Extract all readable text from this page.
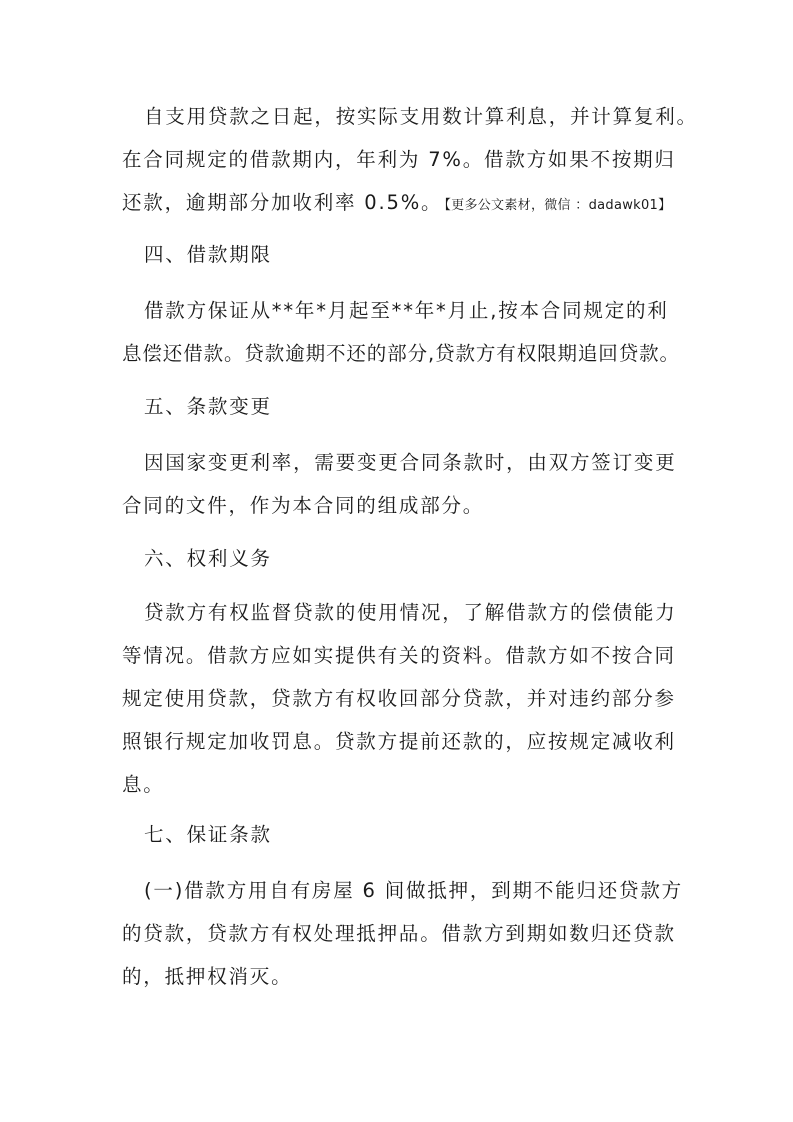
自支用贷款之日起，按实际支用数计算利息，并计算复利。
在合同规定的借款期内，年利为 7%。借款方如果不按期归
还款，逾期部分加收利率 0.5%。 【更多公文素材，微信 ：dadawk01】
四、借款期限
借款方保证从**年*月起至**年*月止,按本合同规定的利
息偿还借款。贷款逾期不还的部分,贷款方有权限期追回贷款。
五、条款变更
因国家变更利率，需要变更合同条款时，由双方签订变更
合同的文件，作为本合同的组成部分。
六、权利义务
贷款方有权监督贷款的使用情况，了解借款方的偿债能力
等情况。借款方应如实提供有关的资料。借款方如不按合同
规定使用贷款，贷款方有权收回部分贷款，并对违约部分参
照银行规定加收罚息。贷款方提前还款的，应按规定减收利
息。
七、保证条款
(一)借款方用自有房屋 6 间做抵押，到期不能归还贷款方
的贷款，贷款方有权处理抵押品。借款方到期如数归还贷款
的，抵押权消灭。
